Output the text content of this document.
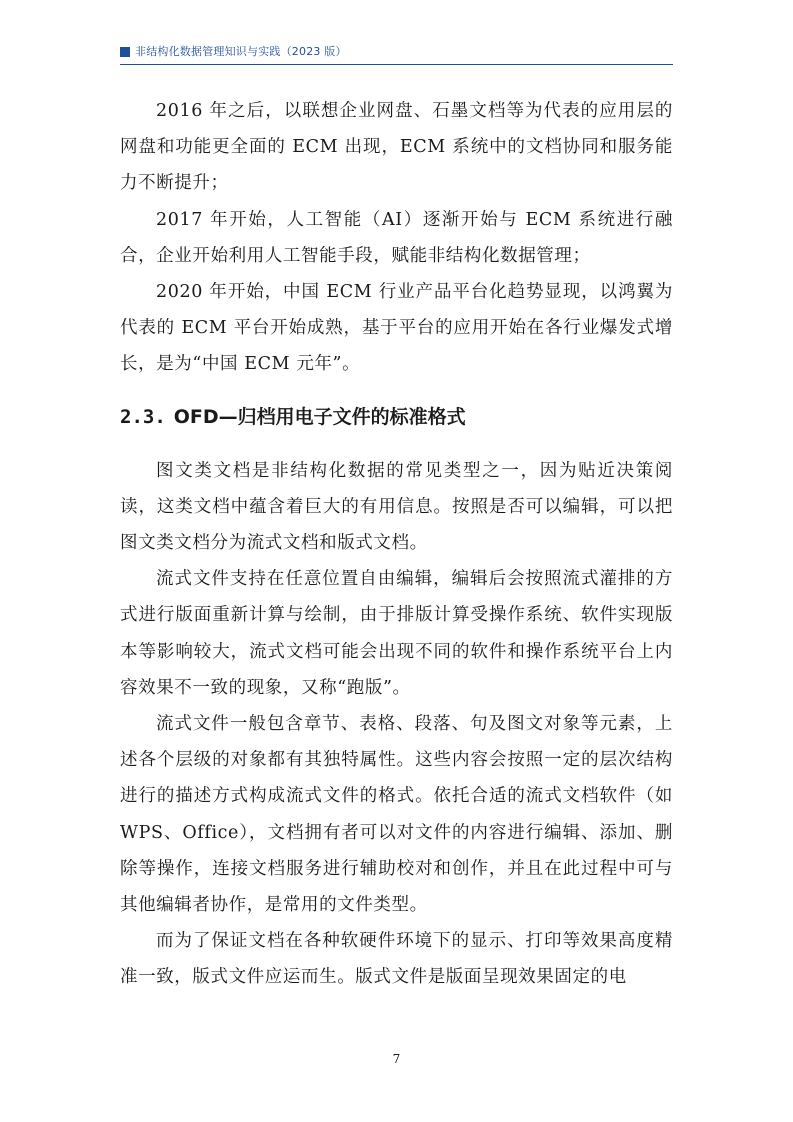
非结构化数据管理知识与实践（2023 版）

2016 年之后，以联想企业网盘、石墨文档等为代表的应用层的网盘和功能更全面的 ECM 出现，ECM 系统中的文档协同和服务能力不断提升；

2017 年开始，人工智能（AI）逐渐开始与 ECM 系统进行融合，企业开始利用人工智能手段，赋能非结构化数据管理；

2020 年开始，中国 ECM 行业产品平台化趋势显现，以鸿翼为代表的 ECM 平台开始成熟，基于平台的应用开始在各行业爆发式增长，是为“中国 ECM 元年”。

2.3. OFD—归档用电子文件的标准格式

图文类文档是非结构化数据的常见类型之一，因为贴近决策阅读，这类文档中蕴含着巨大的有用信息。按照是否可以编辑，可以把图文类文档分为流式文档和版式文档。

流式文件支持在任意位置自由编辑，编辑后会按照流式灌排的方式进行版面重新计算与绘制，由于排版计算受操作系统、软件实现版本等影响较大，流式文档可能会出现不同的软件和操作系统平台上内容效果不一致的现象，又称“跑版”。

流式文件一般包含章节、表格、段落、句及图文对象等元素，上述各个层级的对象都有其独特属性。这些内容会按照一定的层次结构进行的描述方式构成流式文件的格式。依托合适的流式文档软件（如 WPS、Office），文档拥有者可以对文件的内容进行编辑、添加、删除等操作，连接文档服务进行辅助校对和创作，并且在此过程中可与其他编辑者协作，是常用的文件类型。

而为了保证文档在各种软硬件环境下的显示、打印等效果高度精准一致，版式文件应运而生。版式文件是版面呈现效果固定的电

7
